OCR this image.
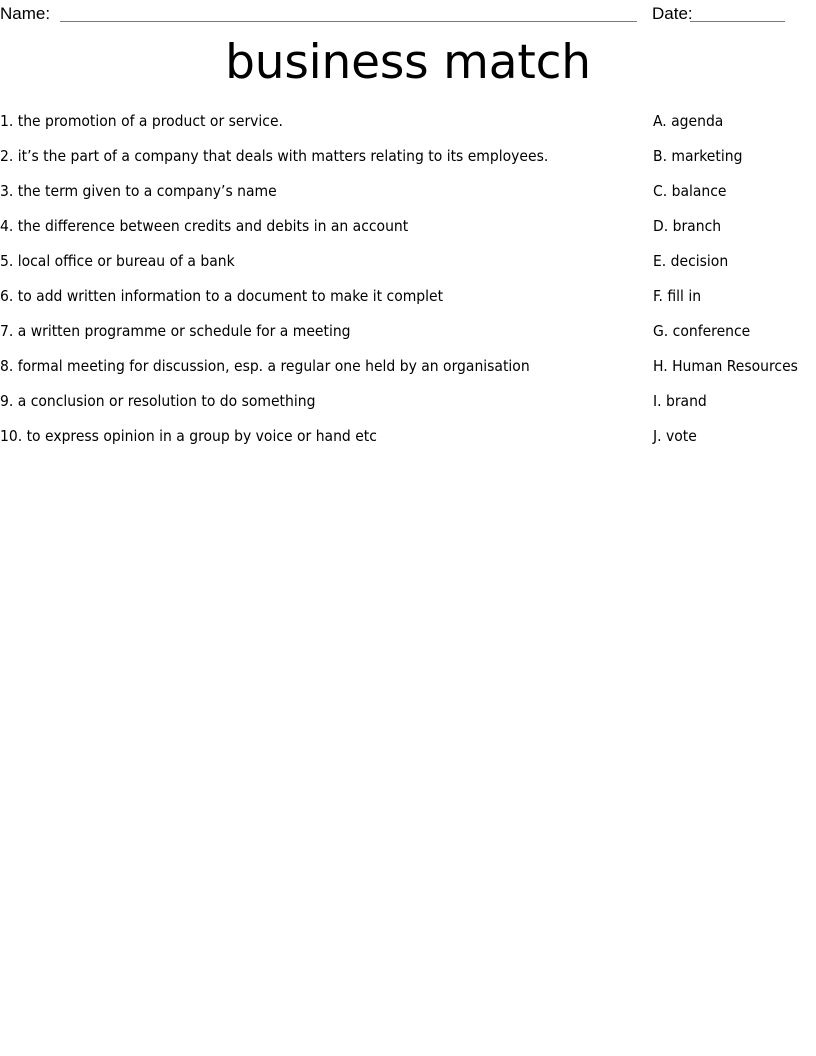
Name:	Date:
business match
1. the promotion of a product or service.	A. agenda
2. it’s the part of a company that deals with matters relating to its employees.	B. marketing
3. the term given to a company’s name	C. balance
4. the difference between credits and debits in an account	D. branch
5. local office or bureau of a bank	E. decision
6. to add written information to a document to make it complet	F. fill in
7. a written programme or schedule for a meeting	G. conference
8. formal meeting for discussion, esp. a regular one held by an organisation	H. Human Resources
9. a conclusion or resolution to do something	I. brand
10. to express opinion in a group by voice or hand etc	J. vote
